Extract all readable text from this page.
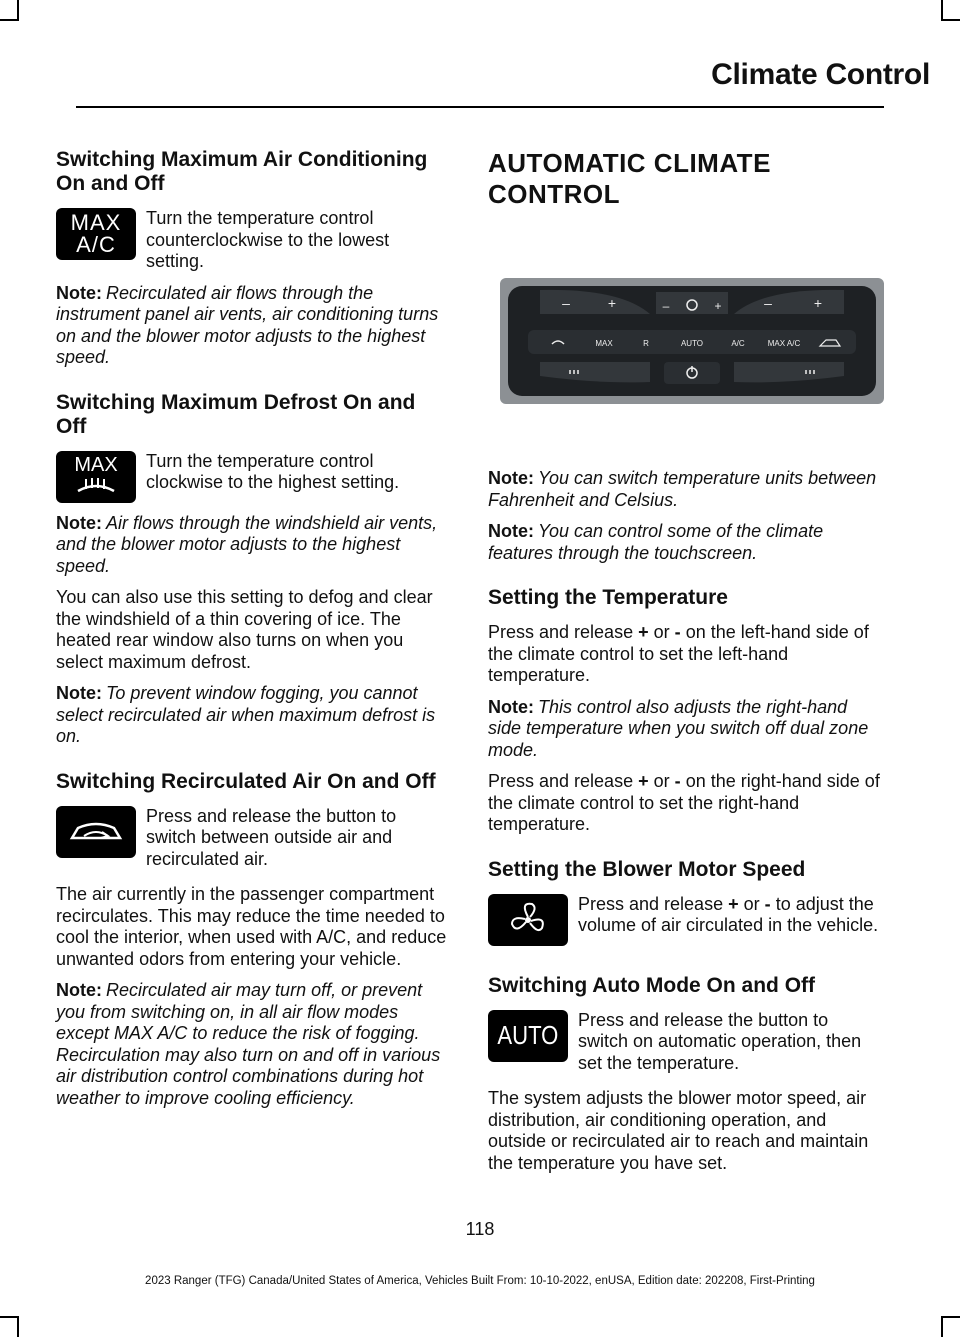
Climate Control
Switching Maximum Air Conditioning On and Off
MAX
A/C

Turn the temperature control counterclockwise to the lowest setting.

Note: Recirculated air flows through the instrument panel air vents, air conditioning turns on and the blower motor adjusts to the highest speed.

Switching Maximum Defrost On and Off
MAX Turn the temperature control clockwise to the highest setting.

Note: Air flows through the windshield air vents, and the blower motor adjusts to the highest speed.

You can also use this setting to defog and clear the windshield of a thin covering of ice. The heated rear window also turns on when you select maximum defrost.

Note: To prevent window fogging, you cannot select recirculated air when maximum defrost is on.

Switching Recirculated Air On and Off

Press and release the button to switch between outside air and recirculated air.

The air currently in the passenger compartment recirculates. This may reduce the time needed to cool the interior, when used with A/C, and reduce unwanted odors from entering your vehicle.

Note: Recirculated air may turn off, or prevent you from switching on, in all air flow modes except MAX A/C to reduce the risk of fogging. Recirculation may also turn on and off in various air distribution control combinations during hot weather to improve cooling efficiency.

AUTOMATIC CLIMATE
CONTROL
–	+	–	+	–	+
MAX	R	AUTO	A/C	MAX A/C

Note: You can switch temperature units between Fahrenheit and Celsius.

Note: You can control some of the climate features through the touchscreen.

Setting the Temperature

Press and release + or - on the left-hand side of the climate control to set the left-hand temperature.

Note: This control also adjusts the right-hand side temperature when you switch off dual zone mode.

Press and release + or - on the right-hand side of the climate control to set the right-hand temperature.

Setting the Blower Motor Speed

Press and release + or - to adjust the volume of air circulated in the vehicle.

Switching Auto Mode On and Off
AUTO

Press and release the button to switch on automatic operation, then set the temperature.

The system adjusts the blower motor speed, air distribution, air conditioning operation, and outside or recirculated air to reach and maintain the temperature you have set.

118
2023 Ranger (TFG) Canada/United States of America, Vehicles Built From: 10-10-2022, enUSA, Edition date: 202208, First-Printing
